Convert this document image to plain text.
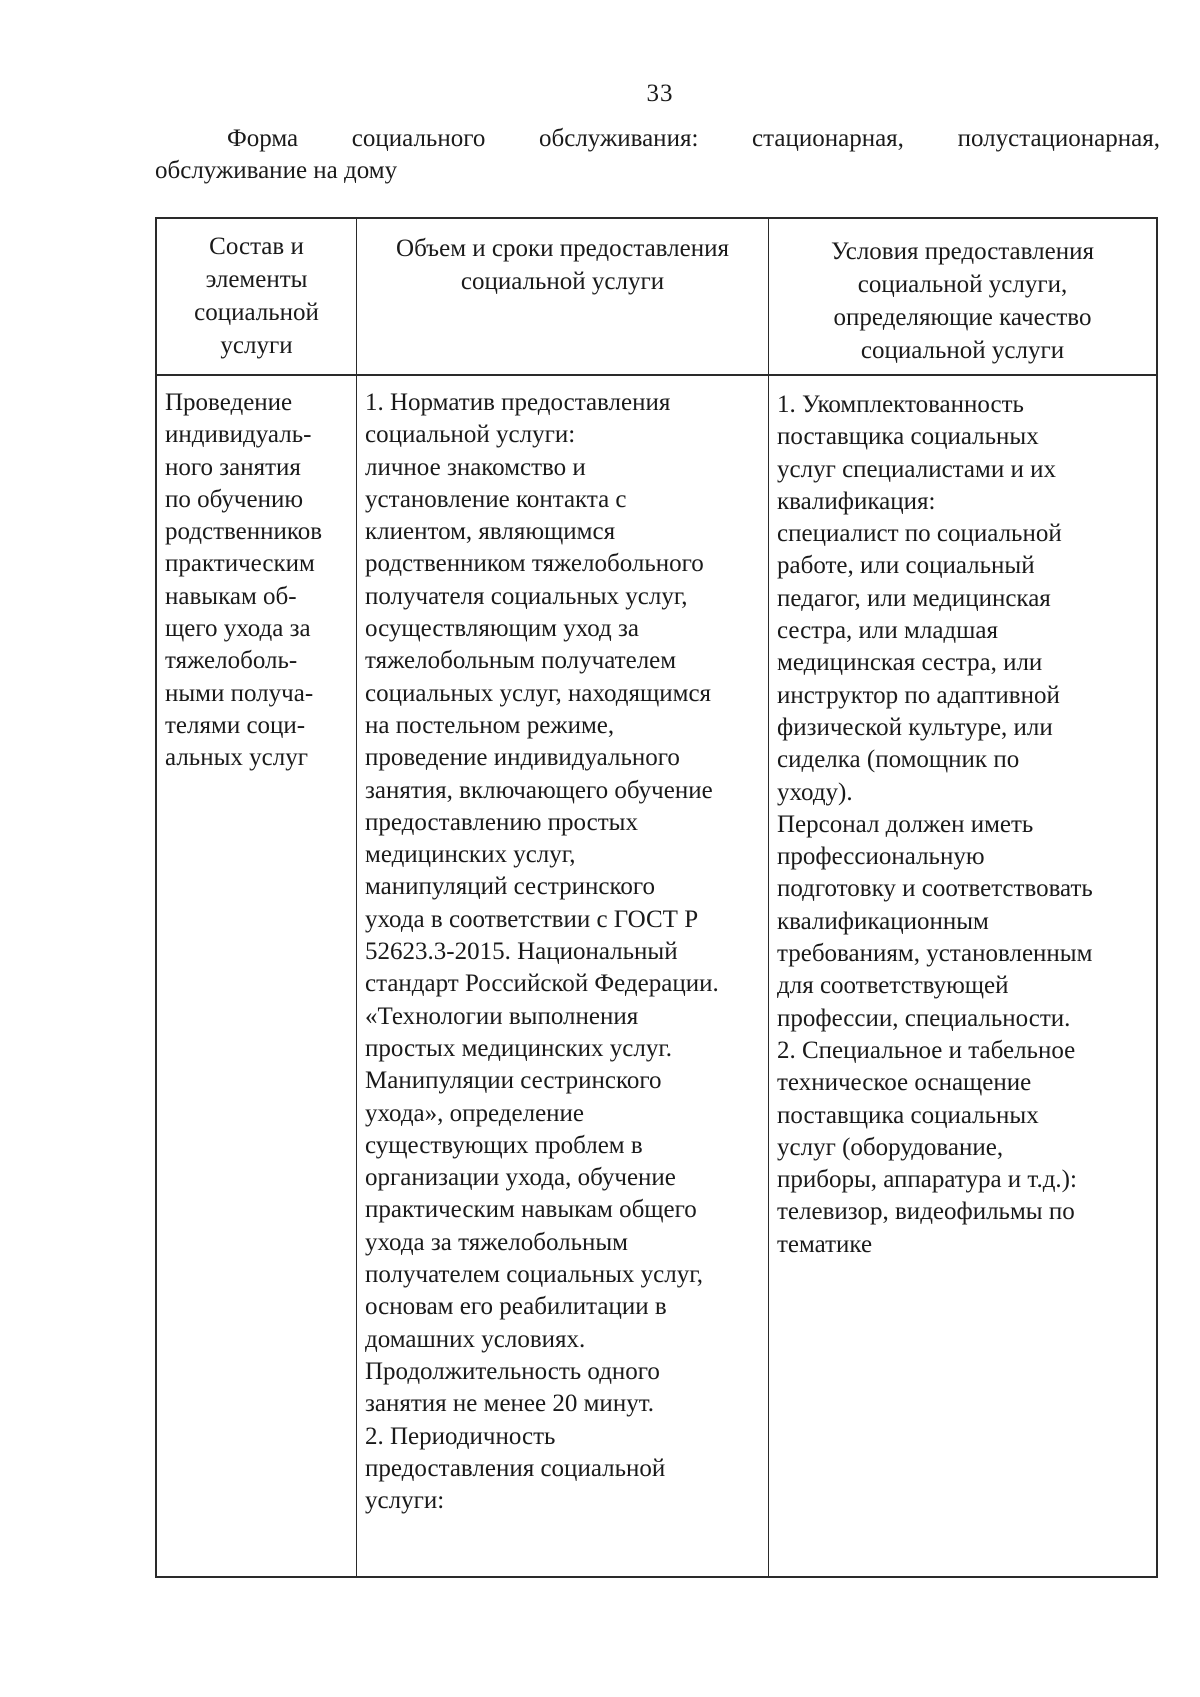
33
Форма социального обслуживания: стационарная, полустационарная,
обслуживание на дому
Состав и
элементы
социальной
услуги
Объем и сроки предоставления
социальной услуги
Условия предоставления
социальной услуги,
определяющие качество
социальной услуги
Проведение
индивидуаль-
ного занятия
по обучению
родственников
практическим
навыкам об-
щего ухода за
тяжелоболь-
ными получа-
телями соци-
альных услуг
1. Норматив предоставления
социальной услуги:
личное знакомство и
установление контакта с
клиентом, являющимся
родственником тяжелобольного
получателя социальных услуг,
осуществляющим уход за
тяжелобольным получателем
социальных услуг, находящимся
на постельном режиме,
проведение индивидуального
занятия, включающего обучение
предоставлению простых
медицинских услуг,
манипуляций сестринского
ухода в соответствии с ГОСТ Р
52623.3-2015. Национальный
стандарт Российской Федерации.
«Технологии выполнения
простых медицинских услуг.
Манипуляции сестринского
ухода», определение
существующих проблем в
организации ухода, обучение
практическим навыкам общего
ухода за тяжелобольным
получателем социальных услуг,
основам его реабилитации в
домашних условиях.
Продолжительность одного
занятия не менее 20 минут.
2. Периодичность
предоставления социальной
услуги:
1. Укомплектованность
поставщика социальных
услуг специалистами и их
квалификация:
специалист по социальной
работе, или социальный
педагог, или медицинская
сестра, или младшая
медицинская сестра, или
инструктор по адаптивной
физической культуре, или
сиделка (помощник по
уходу).
Персонал должен иметь
профессиональную
подготовку и соответствовать
квалификационным
требованиям, установленным
для соответствующей
профессии, специальности.
2. Специальное и табельное
техническое оснащение
поставщика социальных
услуг (оборудование,
приборы, аппаратура и т.д.):
телевизор, видеофильмы по
тематике
